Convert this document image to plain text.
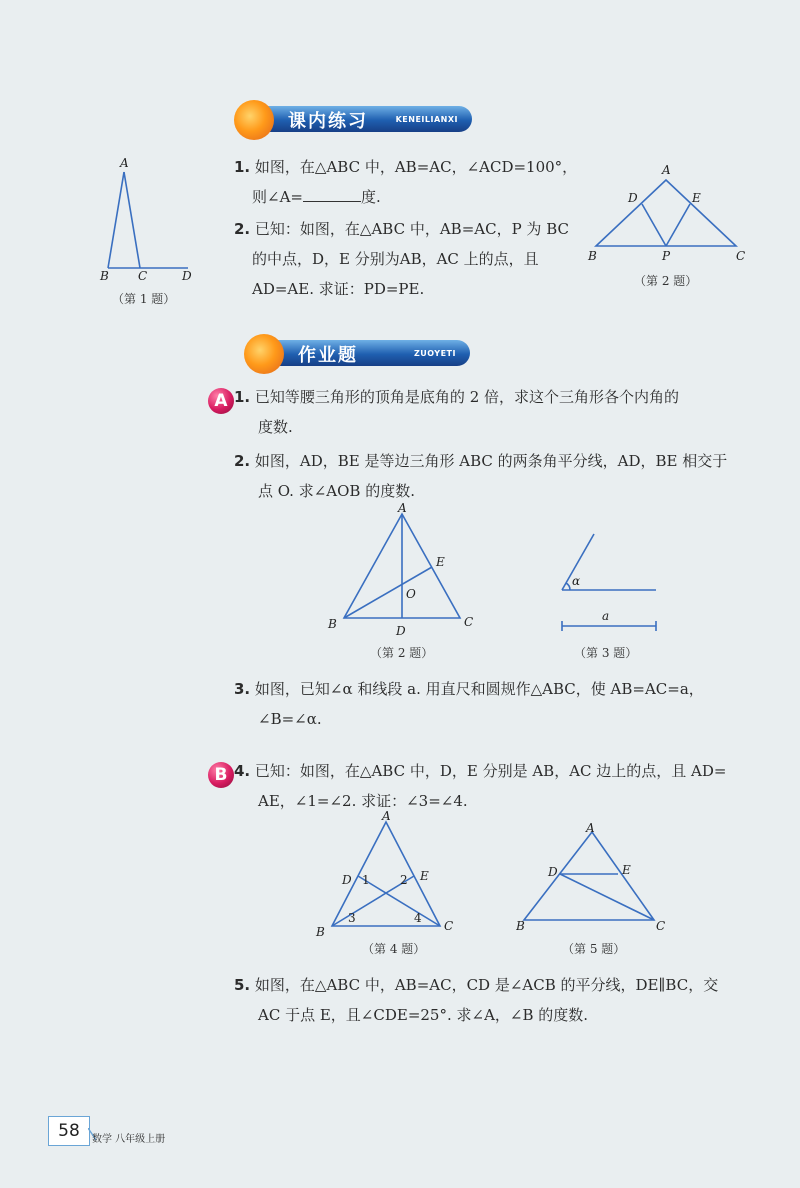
课内练习	KENEILIANXI
A
B C	D
（第 1 题）
1. 如图，在△ABC 中，AB=AC，∠ACD=100°，
则∠A=	度.
2. 已知：如图，在△ABC 中，AB=AC，P 为 BC
的中点，D，E 分别为AB，AC 上的点，且
AD=AE. 求证：PD=PE.
A
D	E
B	P	C
（第 2 题）
作业题	ZUOYETI
A 1. 已知等腰三角形的顶角是底角的 2 倍，求这个三角形各个内角的
度数.
2. 如图，AD，BE 是等边三角形 ABC 的两条角平分线，AD，BE 相交于
点 O. 求∠AOB 的度数.
A
E
O
B	C
D
（第 2 题）
α
a
（第 3 题）
3. 如图，已知∠α 和线段 a. 用直尺和圆规作△ABC，使 AB=AC=a，
∠B=∠α.
B 4. 已知：如图，在△ABC 中，D，E 分别是 AB，AC 边上的点，且 AD=
AE，∠1=∠2. 求证：∠3=∠4.
A
D 1	2 E
3	4
B	C
（第 4 题）
A
D	E
B	C
（第 5 题）
5. 如图，在△ABC 中，AB=AC，CD 是∠ACB 的平分线，DE∥BC，交
AC 于点 E，且∠CDE=25°. 求∠A，∠B 的度数.
58	数学 八年级上册
